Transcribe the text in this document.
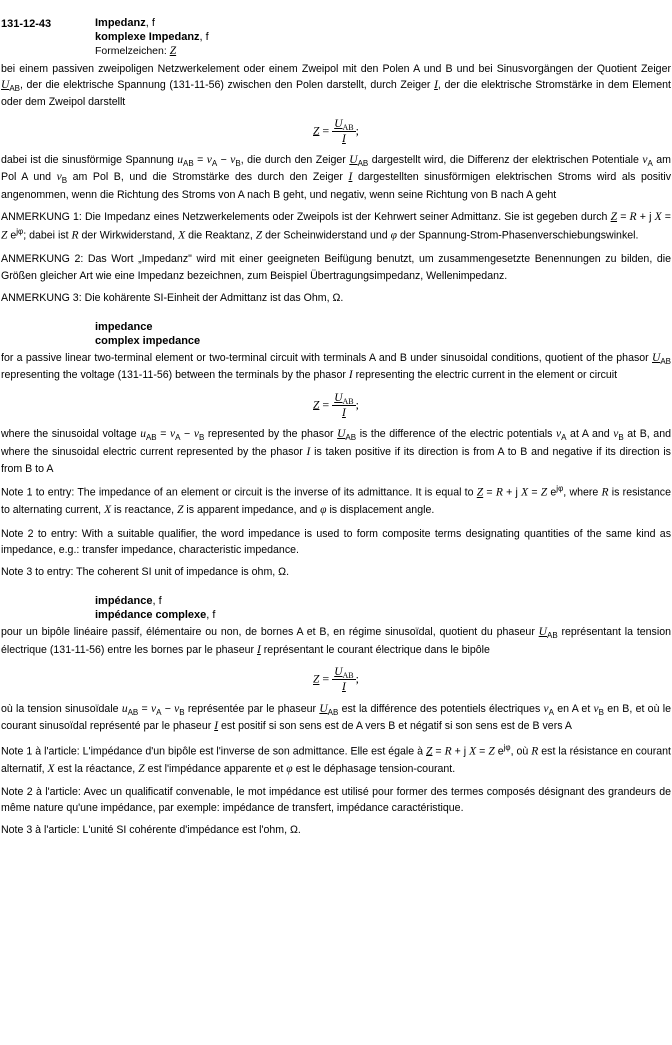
131-12-43	Impedanz, f
komplexe Impedanz, f
Formelzeichen: Z

bei einem passiven zweipoligen Netzwerkelement oder einem Zweipol mit den Polen A und B und bei Sinusvorgängen der Quotient Zeiger $U_{AB}$, der die elektrische Spannung (131-11-56) zwischen den Polen darstellt, durch Zeiger I, der die elektrische Stromstärke in dem Element oder dem Zweipol darstellt

$Z = \frac{U_{AB}}{I}$ ;

dabei ist die sinusförmige Spannung $u_{AB} = v_A - v_B$, die durch den Zeiger $U_{AB}$ dargestellt wird, die Differenz der elektrischen Potentiale $v_A$ am Pol A und $v_B$ am Pol B, und die Stromstärke des durch den Zeiger I dargestellten sinusförmigen elektrischen Stroms wird als positiv angenommen, wenn die Richtung des Stroms von A nach B geht, und negativ, wenn seine Richtung von B nach A geht

ANMERKUNG 1: Die Impedanz eines Netzwerkelements oder Zweipols ist der Kehrwert seiner Admittanz. Sie ist gegeben durch Z = R + j X = Z $e^{j\varphi}$; dabei ist R der Wirkwiderstand, X die Reaktanz, Z der Scheinwiderstand und φ der Spannung-Strom-Phasenverschiebungswinkel.

ANMERKUNG 2: Das Wort „Impedanz" wird mit einer geeigneten Beifügung benutzt, um zusammengesetzte Benennungen zu bilden, die Größen gleicher Art wie eine Impedanz bezeichnen, zum Beispiel Übertragungsimpedanz, Wellenimpedanz.

ANMERKUNG 3: Die kohärente SI-Einheit der Admittanz ist das Ohm, Ω.

impedance
complex impedance

for a passive linear two-terminal element or two-terminal circuit with terminals A and B under sinusoidal conditions, quotient of the phasor $U_{AB}$ representing the voltage (131-11-56) between the terminals by the phasor I representing the electric current in the element or circuit

$Z = \frac{U_{AB}}{I}$ ;

where the sinusoidal voltage $u_{AB} = v_A - v_B$ represented by the phasor $U_{AB}$ is the difference of the electric potentials $v_A$ at A and $v_B$ at B, and where the sinusoidal electric current represented by the phasor I is taken positive if its direction is from A to B and negative if its direction is from B to A

Note 1 to entry: The impedance of an element or circuit is the inverse of its admittance. It is equal to Z = R + j X = Z $e^{j\varphi}$, where R is resistance to alternating current, X is reactance, Z is apparent impedance, and φ is displacement angle.

Note 2 to entry: With a suitable qualifier, the word impedance is used to form composite terms designating quantities of the same kind as impedance, e.g.: transfer impedance, characteristic impedance.

Note 3 to entry: The coherent SI unit of impedance is ohm, Ω.

impédance, f
impédance complexe, f

pour un bipôle linéaire passif, élémentaire ou non, de bornes A et B, en régime sinusoïdal, quotient du phaseur $U_{AB}$ représentant la tension électrique (131-11-56) entre les bornes par le phaseur I représentant le courant électrique dans le bipôle

$Z = \frac{U_{AB}}{I}$ ;

où la tension sinusoïdale $u_{AB} = v_A - v_B$ représentée par le phaseur $U_{AB}$ est la différence des potentiels électriques $v_A$ en A et $v_B$ en B, et où le courant sinusoïdal représenté par le phaseur I est positif si son sens est de A vers B et négatif si son sens est de B vers A

Note 1 à l'article: L'impédance d'un bipôle est l'inverse de son admittance. Elle est égale à Z = R + j X = Z $e^{j\varphi}$, où R est la résistance en courant alternatif, X est la réactance, Z est l'impédance apparente et φ est le déphasage tension-courant.

Note 2 à l'article: Avec un qualificatif convenable, le mot impédance est utilisé pour former des termes composés désignant des grandeurs de même nature qu'une impédance, par exemple: impédance de transfert, impédance caractéristique.

Note 3 à l'article: L'unité SI cohérente d'impédance est l'ohm, Ω.
